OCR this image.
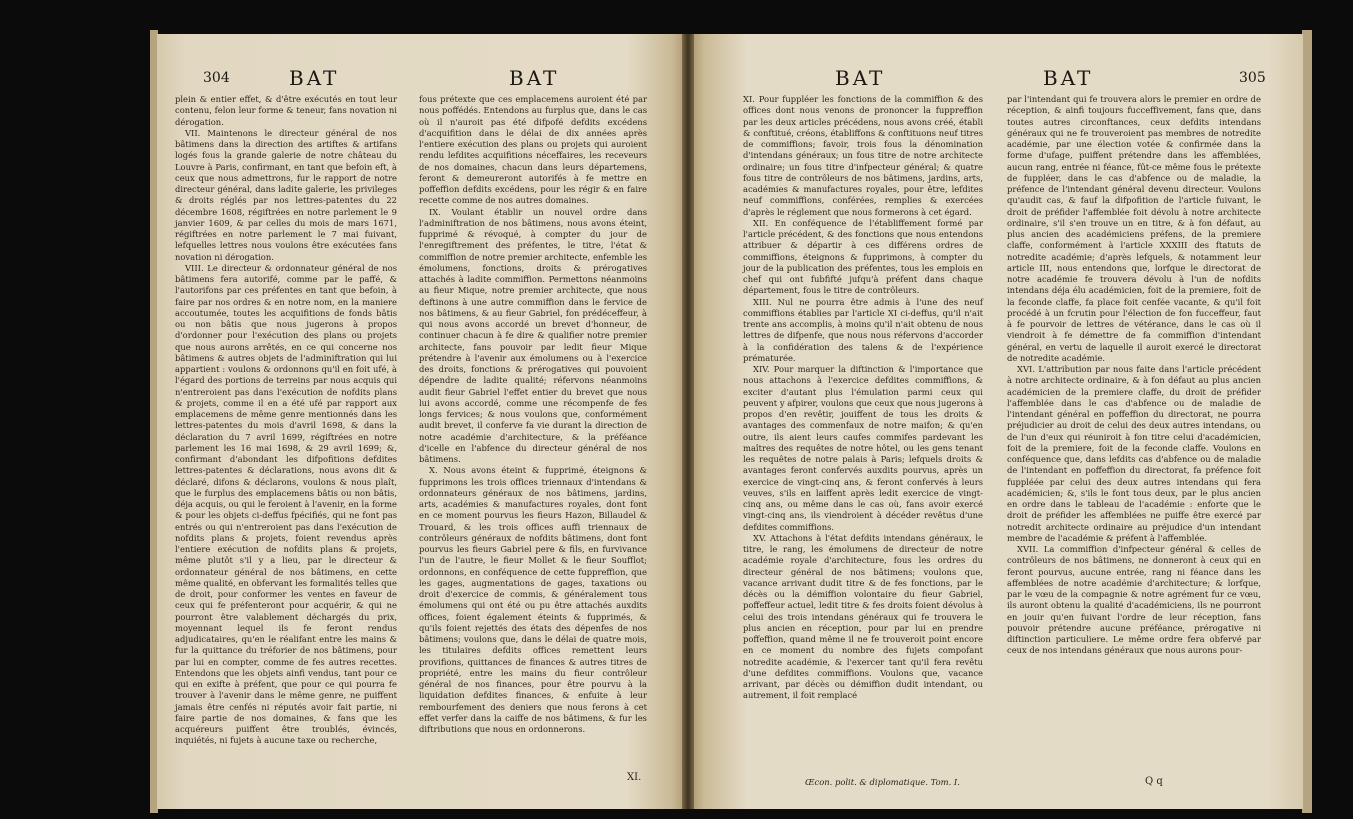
304	BAT	BAT

plein & entier effet, & d'être exécutés en tout leur contenu, felon leur forme & teneur, fans novation ni dérogation.

VII. Maintenons le directeur général de nos bâtimens dans la direction des artiftes & artifans logés fous la grande galerie de notre château du Louvre à Paris, confirmant, en tant que befoin eft, à ceux que nous admettrons, fur le rapport de notre directeur général, dans ladite galerie, les privileges & droits réglés par nos lettres-patentes du 22 décembre 1608, régiftrées en notre parlement le 9 janvier 1609, & par celles du mois de mars 1671, régiftrées en notre parlement le 7 mai fuivant, lefquelles lettres nous voulons être exécutées fans novation ni dérogation.

VIII. Le directeur & ordonnateur général de nos bâtimens fera autorifé, comme par le paffé, & l'autorifons par ces préfentes en tant que befoin, à faire par nos ordres & en notre nom, en la maniere accoutumée, toutes les acquifitions de fonds bâtis ou non bâtis que nous jugerons à propos d'ordonner pour l'exécution des plans ou projets que nous aurons arrêtés, en ce qui concerne nos bâtimens & autres objets de l'adminiftration qui lui appartient : voulons & ordonnons qu'il en foit ufé, à l'égard des portions de terreins par nous acquis qui n'entreroient pas dans l'exécution de nofdits plans & projets, comme il en a été ufé par rapport aux emplacemens de même genre mentionnés dans les lettres-patentes du mois d'avril 1698, & dans la déclaration du 7 avril 1699, régiftrées en notre parlement les 16 mai 1698, & 29 avril 1699; &, confirmant d'abondant les difpofitions defdites lettres-patentes & déclarations, nous avons dit & déclaré, difons & déclarons, voulons & nous plaît, que le furplus des emplacemens bâtis ou non bâtis, déja acquis, ou qui le feroient à l'avenir, en la forme & pour les objets ci-deffus fpécifiés, qui ne font pas entrés ou qui n'entreroient pas dans l'exécution de nofdits plans & projets, foient revendus après l'entiere exécution de nofdits plans & projets, même plutôt s'il y a lieu, par le directeur & ordonnateur général de nos bâtimens, en cette même qualité, en obfervant les formalités telles que de droit, pour conformer les ventes en faveur de ceux qui fe préfenteront pour acquérir, & qui ne pourront être valablement déchargés du prix, moyennant lequel ils fe feront rendus adjudicataires, qu'en le réalifant entre les mains & fur la quittance du tréforier de nos bâtimens, pour par lui en compter, comme de fes autres recettes. Entendons que les objets ainfi vendus, tant pour ce qui en exifte à préfent, que pour ce qui pourra fe trouver à l'avenir dans le même genre, ne puiffent jamais être cenfés ni réputés avoir fait partie, ni faire partie de nos domaines, & fans que les acquéreurs puiffent être troublés, évincés, inquiétés, ni fujets à aucune taxe ou recherche,

fous prétexte que ces emplacemens auroient été par nous poffédés. Entendons au furplus que, dans le cas où il n'auroit pas été difpofé defdits excédens d'acquifition dans le délai de dix années après l'entiere exécution des plans ou projets qui auroient rendu lefdites acquifitions néceffaires, les receveurs de nos domaines, chacun dans leurs départemens, feront & demeureront autorifés à fe mettre en poffeffion defdits excédens, pour les régir & en faire recette comme de nos autres domaines.

IX. Voulant établir un nouvel ordre dans l'adminiftration de nos bâtimens, nous avons éteint, fupprimé & révoqué, à compter du jour de l'enregiftrement des préfentes, le titre, l'état & commiffion de notre premier architecte, enfemble les émolumens, fonctions, droits & prérogatives attachés à ladite commiffion. Permettons néanmoins au fieur Mique, notre premier architecte, que nous deftinons à une autre commiffion dans le fervice de nos bâtimens, & au fieur Gabriel, fon prédéceffeur, à qui nous avons accordé un brevet d'honneur, de continuer chacun à fe dire & qualifier notre premier architecte, fans pouvoir par ledit fieur Mique prétendre à l'avenir aux émolumens ou à l'exercice des droits, fonctions & prérogatives qui pouvoient dépendre de ladite qualité; réfervons néanmoins audit fieur Gabriel l'effet entier du brevet que nous lui avons accordé, comme une récompenfe de fes longs fervices; & nous voulons que, conformément audit brevet, il conferve fa vie durant la direction de notre académie d'architecture, & la préféance d'icelle en l'abfence du directeur général de nos bâtimens.

X. Nous avons éteint & fupprimé, éteignons & fupprimons les trois offices triennaux d'intendans & ordonnateurs généraux de nos bâtimens, jardins, arts, académies & manufactures royales, dont font en ce moment pourvus les fieurs Hazon, Billaudel & Trouard, & les trois offices auffi triennaux de contrôleurs généraux de nofdits bâtimens, dont font pourvus les fieurs Gabriel pere & fils, en furvivance l'un de l'autre, le fieur Mollet & le fieur Soufflot; ordonnons, en conféquence de cette fuppreffion, que les gages, augmentations de gages, taxations ou droit d'exercice de commis, & généralement tous émolumens qui ont été ou pu être attachés auxdits offices, foient également éteints & fupprimés, & qu'ils foient rejettés des états des dépenfes de nos bâtimens; voulons que, dans le délai de quatre mois, les titulaires defdits offices remettent leurs provifions, quittances de finances & autres titres de propriété, entre les mains du fieur contrôleur général de nos finances, pour être pourvu à la liquidation defdites finances, & enfuite à leur rembourfement des deniers que nous ferons à cet effet verfer dans la caiffe de nos bâtimens, & fur les diftributions que nous en ordonnerons.

XI.
BAT	BAT	305

XI. Pour fuppléer les fonctions de la commiffion & des offices dont nous venons de prononcer la fuppreffion par les deux articles précédens, nous avons créé, établi & conftitué, créons, établiffons & conftituons neuf titres de commiffions; favoir, trois fous la dénomination d'intendans généraux; un fous titre de notre architecte ordinaire; un fous titre d'infpecteur général; & quatre fous titre de contrôleurs de nos bâtimens, jardins, arts, académies & manufactures royales, pour être, lefdites neuf commiffions, conférées, remplies & exercées d'après le réglement que nous formerons à cet égard.

XII. En conféquence de l'établiffement formé par l'article précédent, & des fonctions que nous entendons attribuer & départir à ces différens ordres de commiffions, éteignons & fupprimons, à compter du jour de la publication des préfentes, tous les emplois en chef qui ont fubfifté jufqu'à préfent dans chaque département, fous le titre de contrôleurs.

XIII. Nul ne pourra être admis à l'une des neuf commiffions établies par l'article XI ci-deffus, qu'il n'ait trente ans accomplis, à moins qu'il n'ait obtenu de nous lettres de difpenfe, que nous nous réfervons d'accorder à la confidération des talens & de l'expérience prématurée.

XIV. Pour marquer la diftinction & l'importance que nous attachons à l'exercice defdites commiffions, & exciter d'autant plus l'émulation parmi ceux qui peuvent y afpirer, voulons que ceux que nous jugerons à propos d'en revêtir, jouiffent de tous les droits & avantages des commenfaux de notre maifon; & qu'en outre, ils aient leurs caufes commifes pardevant les maîtres des requêtes de notre hôtel, ou les gens tenant les requêtes de notre palais à Paris; lefquels droits & avantages feront confervés auxdits pourvus, après un exercice de vingt-cinq ans, & feront confervés à leurs veuves, s'ils en laiffent après ledit exercice de vingt-cinq ans, ou même dans le cas où, fans avoir exercé vingt-cinq ans, ils viendroient à décéder revêtus d'une defdites commiffions.

XV. Attachons à l'état defdits intendans généraux, le titre, le rang, les émolumens de directeur de notre académie royale d'architecture, fous les ordres du directeur général de nos bâtimens; voulons que, vacance arrivant dudit titre & de fes fonctions, par le décès ou la démiffion volontaire du fieur Gabriel, poffeffeur actuel, ledit titre & fes droits foient dévolus à celui des trois intendans généraux qui fe trouvera le plus ancien en réception, pour par lui en prendre poffeffion, quand même il ne fe trouveroit point encore en ce moment du nombre des fujets compofant notredite académie, & l'exercer tant qu'il fera revêtu d'une defdites commiffions. Voulons que, vacance arrivant, par décès ou démiffion dudit intendant, ou autrement, il foit remplacé

par l'intendant qui fe trouvera alors le premier en ordre de réception, & ainfi toujours fucceffivement, fans que, dans toutes autres circonftances, ceux defdits intendans généraux qui ne fe trouveroient pas membres de notredite académie, par une élection votée & confirmée dans la forme d'ufage, puiffent prétendre dans les affemblées, aucun rang, entrée ni féance, fût-ce même fous le prétexte de fuppléer, dans le cas d'abfence ou de maladie, la préfence de l'intendant général devenu directeur. Voulons qu'audit cas, & fauf la difpofition de l'article fuivant, le droit de préfider l'affemblée foit dévolu à notre architecte ordinaire, s'il s'en trouve un en titre, & à fon défaut, au plus ancien des académiciens préfens, de la premiere claffe, conformément à l'article XXXIII des ftatuts de notredite académie; d'après lefquels, & notamment leur article III, nous entendons que, lorfque le directorat de notre académie fe trouvera dévolu à l'un de nofdits intendans déja élu académicien, foit de la premiere, foit de la feconde claffe, fa place foit cenfée vacante, & qu'il foit procédé à un fcrutin pour l'élection de fon fucceffeur, faut à fe pourvoir de lettres de vétérance, dans le cas où il viendroit à fe démettre de fa commiffion d'intendant général, en vertu de laquelle il auroit exercé le directorat de notredite académie.

XVI. L'attribution par nous faite dans l'article précédent à notre architecte ordinaire, & à fon défaut au plus ancien académicien de la premiere claffe, du droit de préfider l'affemblée dans le cas d'abfence ou de maladie de l'intendant général en poffeffion du directorat, ne pourra préjudicier au droit de celui des deux autres intendans, ou de l'un d'eux qui réuniroit à fon titre celui d'académicien, foit de la premiere, foit de la feconde claffe. Voulons en conféquence que, dans lefdits cas d'abfence ou de maladie de l'intendant en poffeffion du directorat, fa préfence foit fuppléée par celui des deux autres intendans qui fera académicien; &, s'ils le font tous deux, par le plus ancien en ordre dans le tableau de l'académie : enforte que le droit de préfider les affemblées ne puiffe être exercé par notredit architecte ordinaire au préjudice d'un intendant membre de l'académie & préfent à l'affemblée.

XVII. La commiffion d'infpecteur général & celles de contrôleurs de nos bâtimens, ne donneront à ceux qui en feront pourvus, aucune entrée, rang ni féance dans les affemblées de notre académie d'architecture; & lorfque, par le vœu de la compagnie & notre agrément fur ce vœu, ils auront obtenu la qualité d'académiciens, ils ne pourront en jouir qu'en fuivant l'ordre de leur réception, fans pouvoir prétendre aucune préféance, prérogative ni diftinction particuliere. Le même ordre fera obfervé par ceux de nos intendans généraux que nous aurons pour-

Œcon. polit. & diplomatique. Tom. I.	Q q
